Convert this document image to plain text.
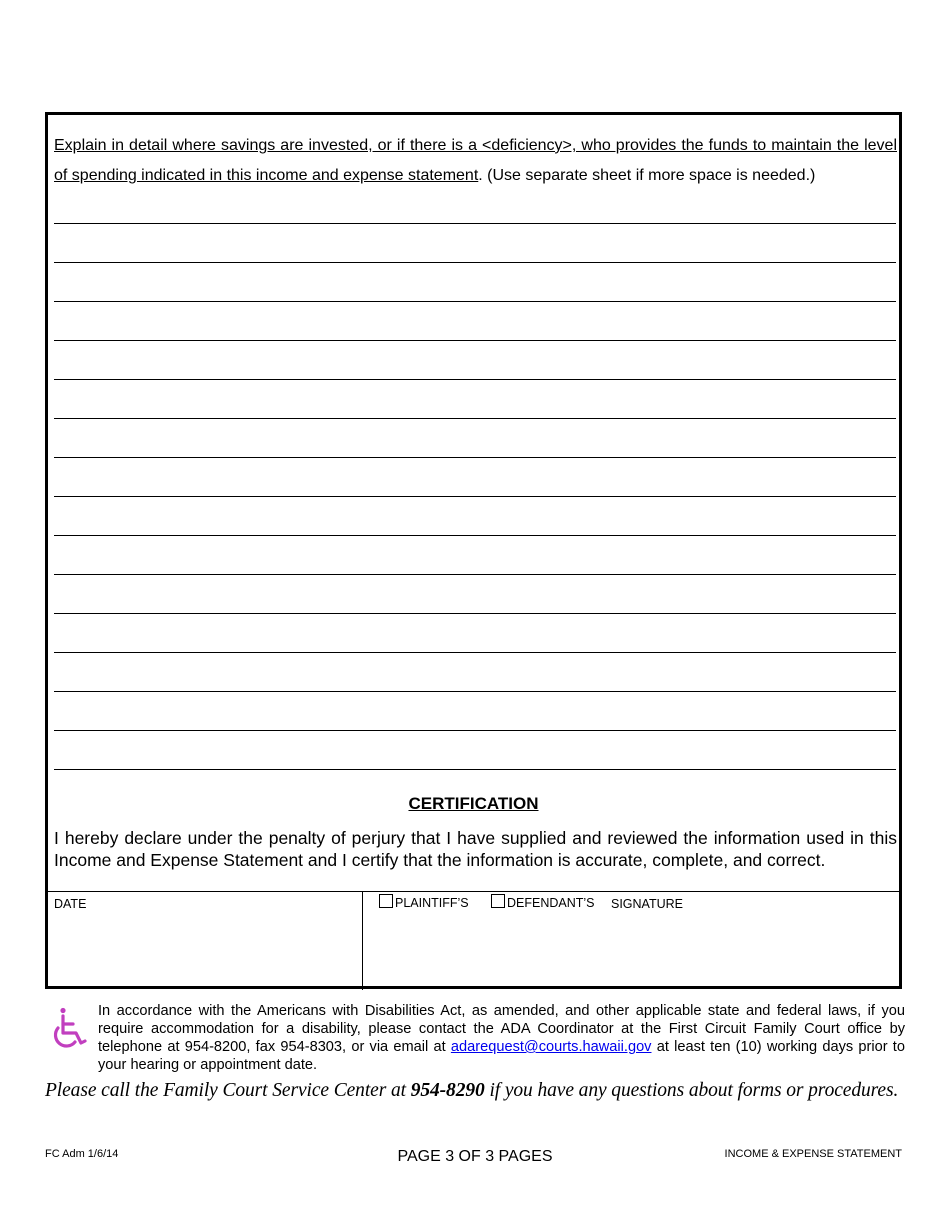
Explain in detail where savings are invested, or if there is a <deficiency>, who provides the funds to maintain the level of spending indicated in this income and expense statement. (Use separate sheet if more space is needed.)
CERTIFICATION
I hereby declare under the penalty of perjury that I have supplied and reviewed the information used in this Income and Expense Statement and I certify that the information is accurate, complete, and correct.
DATE	PLAINTIFF’S	DEFENDANT’S SIGNATURE
In accordance with the Americans with Disabilities Act, as amended, and other applicable state and federal laws, if you require accommodation for a disability, please contact the ADA Coordinator at the First Circuit Family Court office by telephone at 954-8200, fax 954-8303, or via email at adarequest@courts.hawaii.gov at least ten (10) working days prior to your hearing or appointment date.
Please call the Family Court Service Center at 954-8290 if you have any questions about forms or procedures.
FC Adm 1/6/14	PAGE 3 OF 3 PAGES	INCOME & EXPENSE STATEMENT
